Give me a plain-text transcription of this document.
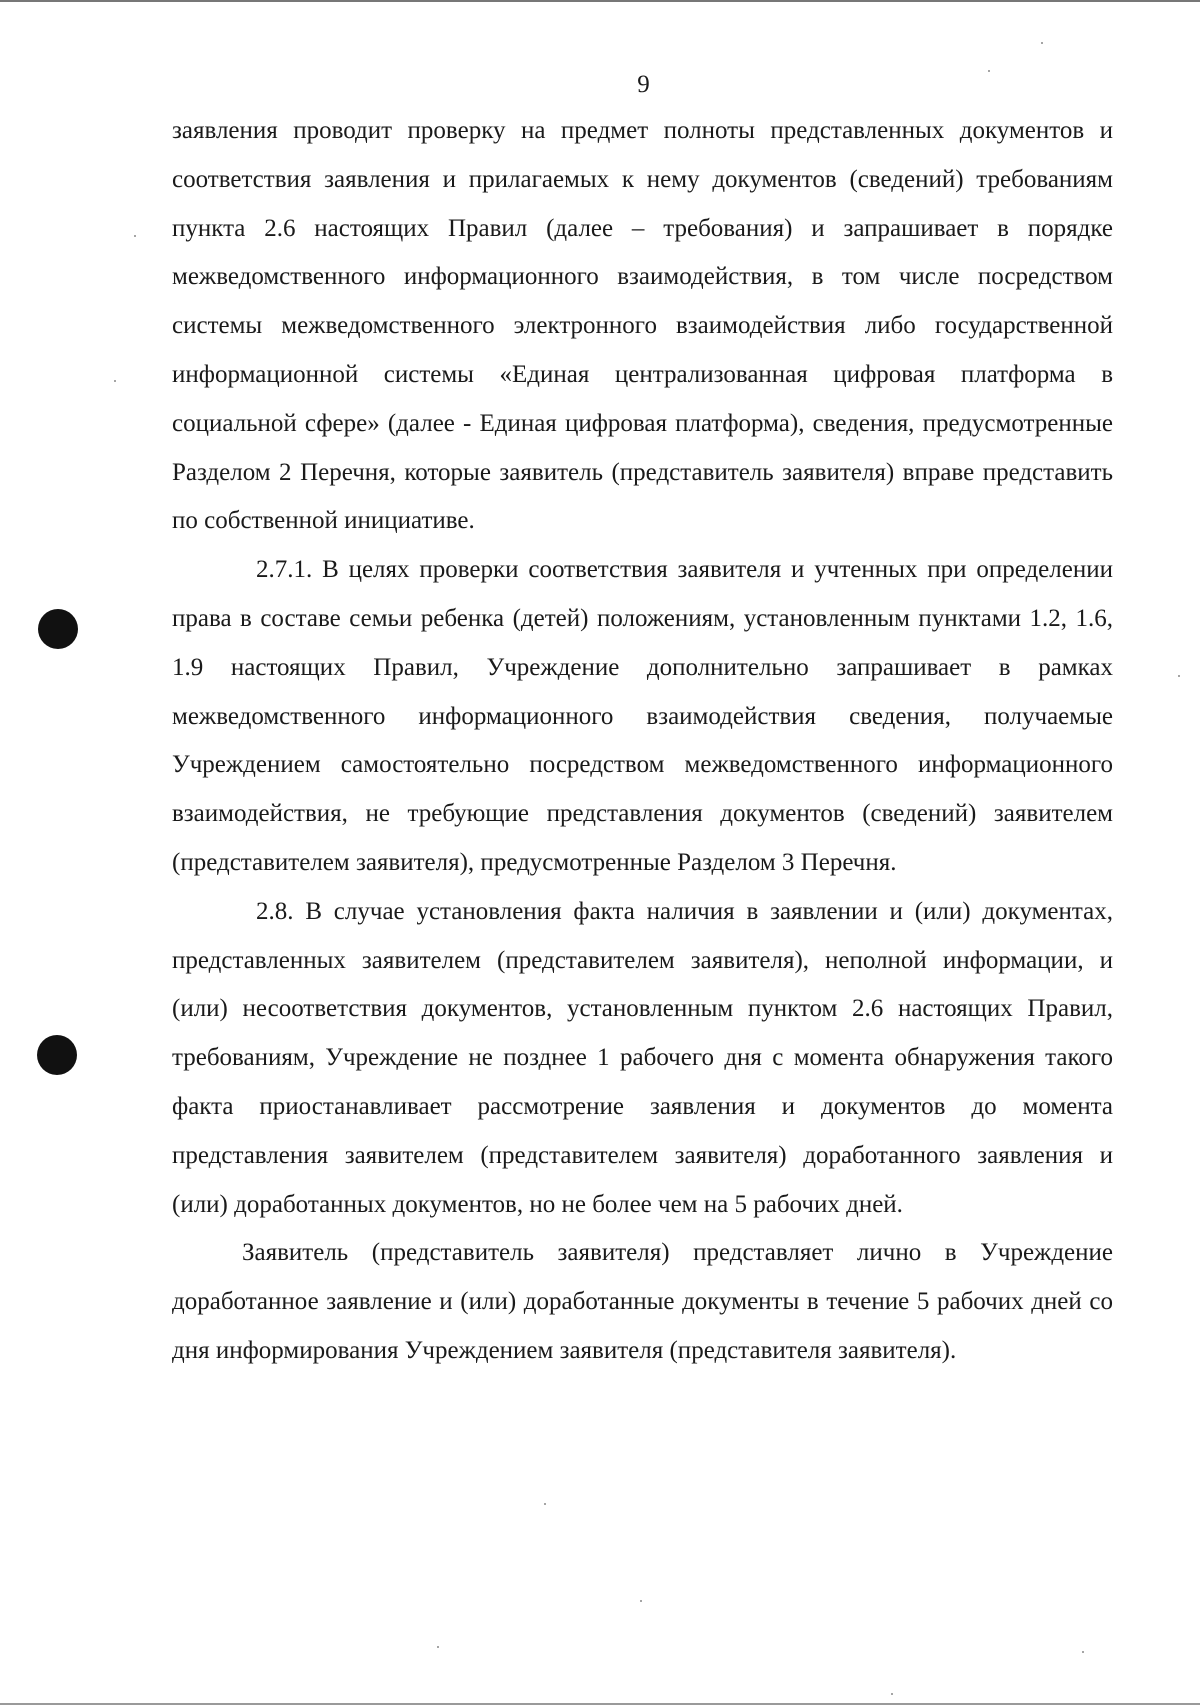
9

заявления проводит проверку на предмет полноты представленных документов и соответствия заявления и прилагаемых к нему документов (сведений) требованиям пункта 2.6 настоящих Правил (далее – требования) и запрашивает в порядке межведомственного информационного взаимодействия, в том числе посредством системы межведомственного электронного взаимодействия либо государственной информационной системы «Единая централизованная цифровая платформа в социальной сфере» (далее - Единая цифровая платформа), сведения, предусмотренные Разделом 2 Перечня, которые заявитель (представитель заявителя) вправе представить по собственной инициативе.

2.7.1. В целях проверки соответствия заявителя и учтенных при определении права в составе семьи ребенка (детей) положениям, установленным пунктами 1.2, 1.6, 1.9 настоящих Правил, Учреждение дополнительно запрашивает в рамках межведомственного информационного взаимодействия сведения, получаемые Учреждением самостоятельно посредством межведомственного информационного взаимодействия, не требующие представления документов (сведений) заявителем (представителем заявителя), предусмотренные Разделом 3 Перечня.

2.8. В случае установления факта наличия в заявлении и (или) документах, представленных заявителем (представителем заявителя), неполной информации, и (или) несоответствия документов, установленным пунктом 2.6 настоящих Правил, требованиям, Учреждение не позднее 1 рабочего дня с момента обнаружения такого факта приостанавливает рассмотрение заявления и документов до момента представления заявителем (представителем заявителя) доработанного заявления и (или) доработанных документов, но не более чем на 5 рабочих дней.

Заявитель (представитель заявителя) представляет лично в Учреждение доработанное заявление и (или) доработанные документы в течение 5 рабочих дней со дня информирования Учреждением заявителя (представителя заявителя).
